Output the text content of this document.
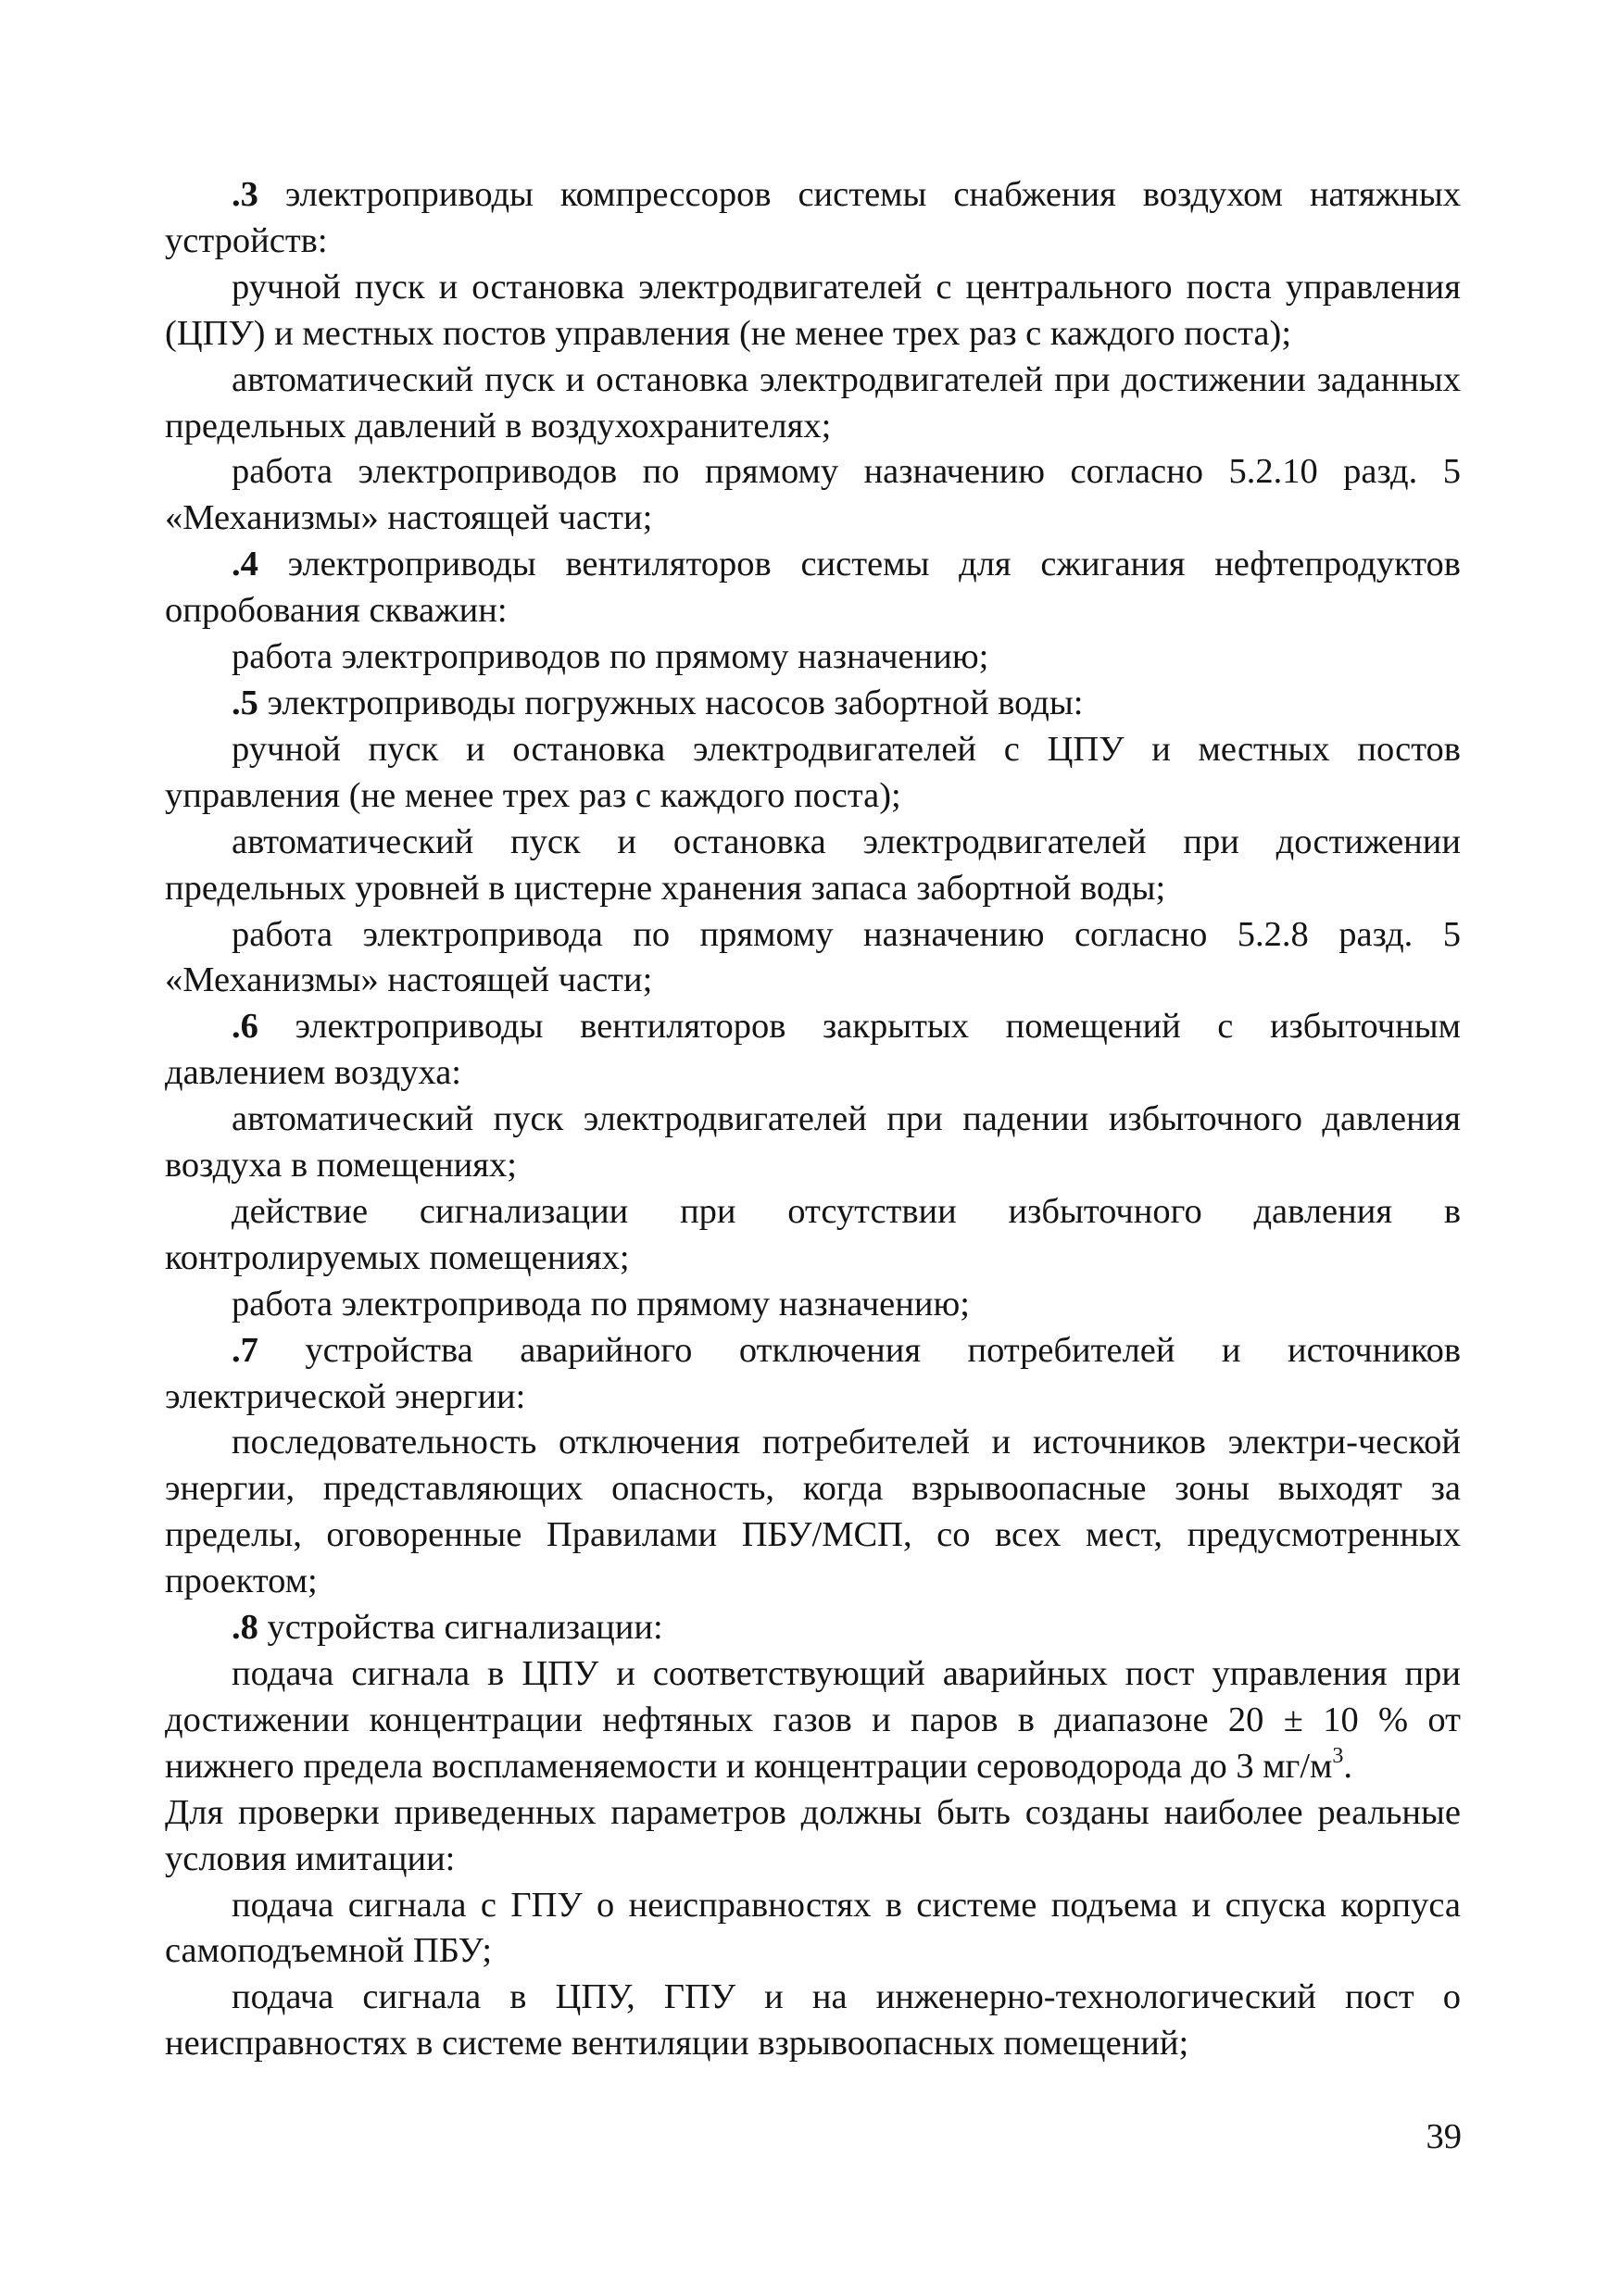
.3 электроприводы компрессоров системы снабжения воздухом натяжных устройств:

ручной пуск и остановка электродвигателей с центрального поста управления (ЦПУ) и местных постов управления (не менее трех раз с каждого поста);

автоматический пуск и остановка электродвигателей при достижении заданных предельных давлений в воздухохранителях;

работа электроприводов по прямому назначению согласно 5.2.10 разд. 5 «Механизмы» настоящей части;

.4 электроприводы вентиляторов системы для сжигания нефтепродуктов опробования скважин:

работа электроприводов по прямому назначению;

.5 электроприводы погружных насосов забортной воды:

ручной пуск и остановка электродвигателей с ЦПУ и местных постов управления (не менее трех раз с каждого поста);

автоматический пуск и остановка электродвигателей при достижении предельных уровней в цистерне хранения запаса забортной воды;

работа электропривода по прямому назначению согласно 5.2.8 разд. 5 «Механизмы» настоящей части;

.6 электроприводы вентиляторов закрытых помещений с избыточным давлением воздуха:

автоматический пуск электродвигателей при падении избыточного давления воздуха в помещениях;

действие сигнализации при отсутствии избыточного давления в контролируемых помещениях;

работа электропривода по прямому назначению;

.7 устройства аварийного отключения потребителей и источников электрической энергии:

последовательность отключения потребителей и источников электри-ческой энергии, представляющих опасность, когда взрывоопасные зоны выходят за пределы, оговоренные Правилами ПБУ/МСП, со всех мест, предусмотренных проектом;

.8 устройства сигнализации:

подача сигнала в ЦПУ и соответствующий аварийных пост управления при достижении концентрации нефтяных газов и паров в диапазоне 20 ± 10 % от нижнего предела воспламеняемости и концентрации сероводорода до 3 $мг/м^3$.

Для проверки приведенных параметров должны быть созданы наиболее реальные условия имитации:

подача сигнала с ГПУ о неисправностях в системе подъема и спуска корпуса самоподъемной ПБУ;

подача сигнала в ЦПУ, ГПУ и на инженерно-технологический пост о неисправностях в системе вентиляции взрывоопасных помещений;

39
